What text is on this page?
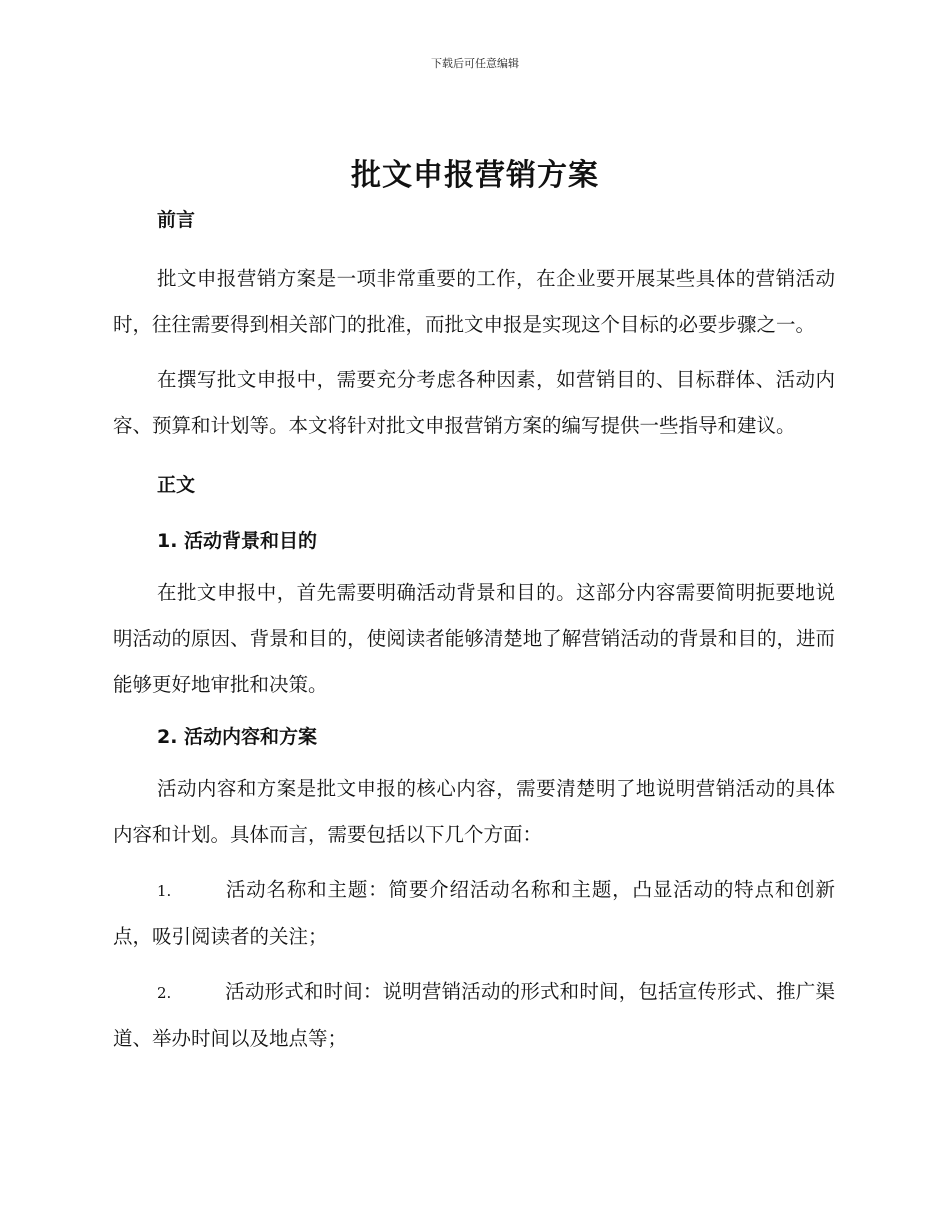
下载后可任意编辑
批文申报营销方案
前言

批文申报营销方案是一项非常重要的工作，在企业要开展某些具体的营销活动时，往往需要得到相关部门的批准，而批文申报是实现这个目标的必要步骤之一。

在撰写批文申报中，需要充分考虑各种因素，如营销目的、目标群体、活动内容、预算和计划等。本文将针对批文申报营销方案的编写提供一些指导和建议。

正文
1. 活动背景和目的

在批文申报中，首先需要明确活动背景和目的。这部分内容需要简明扼要地说明活动的原因、背景和目的，使阅读者能够清楚地了解营销活动的背景和目的，进而能够更好地审批和决策。

2. 活动内容和方案

活动内容和方案是批文申报的核心内容，需要清楚明了地说明营销活动的具体内容和计划。具体而言，需要包括以下几个方面：

1.	活动名称和主题：简要介绍活动名称和主题，凸显活动的特点和创新点，吸引阅读者的关注；

2.	活动形式和时间：说明营销活动的形式和时间，包括宣传形式、推广渠道、举办时间以及地点等；
